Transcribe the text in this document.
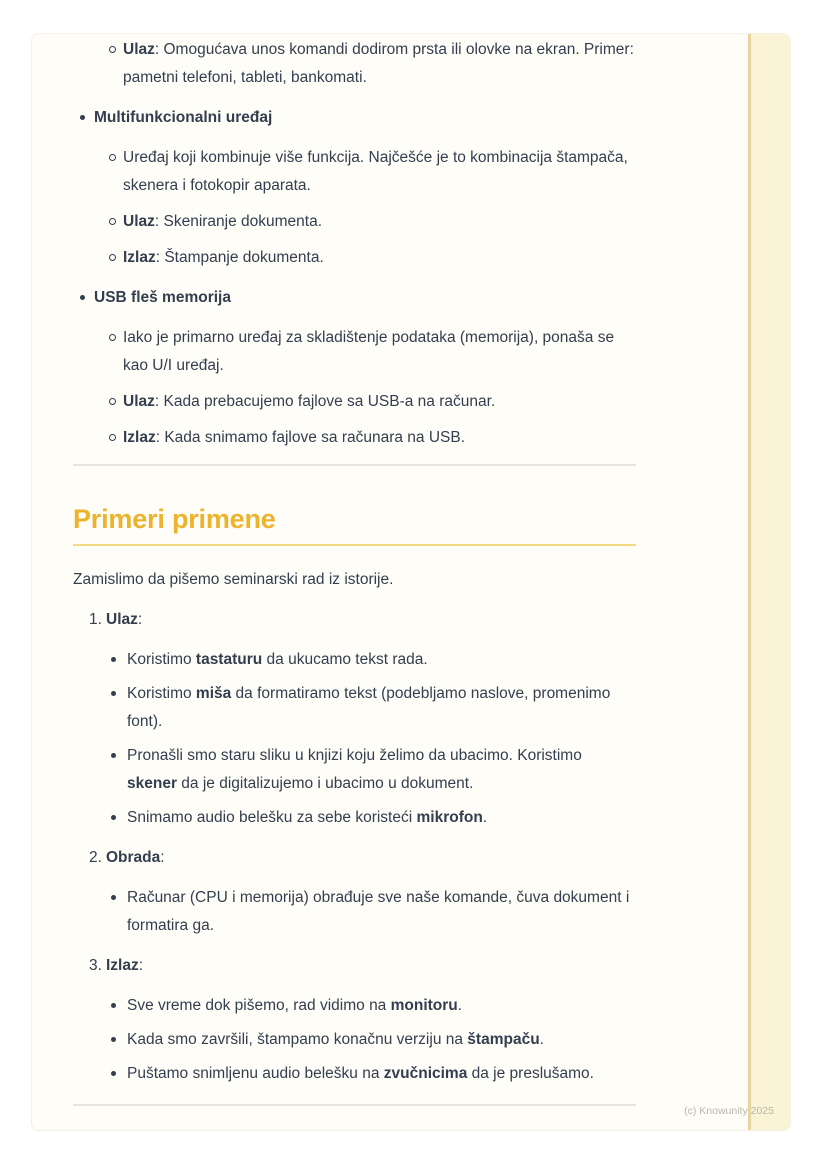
Ulaz: Omogućava unos komandi dodirom prsta ili olovke na ekran. Primer: pametni telefoni, tableti, bankomati.
Multifunkcionalni uređaj
Uređaj koji kombinuje više funkcija. Najčešće je to kombinacija štampača, skenera i fotokopir aparata.
Ulaz: Skeniranje dokumenta.
Izlaz: Štampanje dokumenta.
USB fleš memorija
Iako je primarno uređaj za skladištenje podataka (memorija), ponaša se kao U/I uređaj.
Ulaz: Kada prebacujemo fajlove sa USB-a na računar.
Izlaz: Kada snimamo fajlove sa računara na USB.
Primeri primene

Zamislimo da pišemo seminarski rad iz istorije.

1. Ulaz:
Koristimo tastaturu da ukucamo tekst rada.
Koristimo miša da formatiramo tekst (podebljamo naslove, promenimo font).
Pronašli smo staru sliku u knjizi koju želimo da ubacimo. Koristimo skener da je digitalizujemo i ubacimo u dokument.
Snimamo audio belešku za sebe koristeći mikrofon.
2. Obrada:
Računar (CPU i memorija) obrađuje sve naše komande, čuva dokument i formatira ga.
3. Izlaz:
Sve vreme dok pišemo, rad vidimo na monitoru.
Kada smo završili, štampamo konačnu verziju na štampaču.
Puštamo snimljenu audio belešku na zvučnicima da je preslušamo.
(c) Knowunity 2025
